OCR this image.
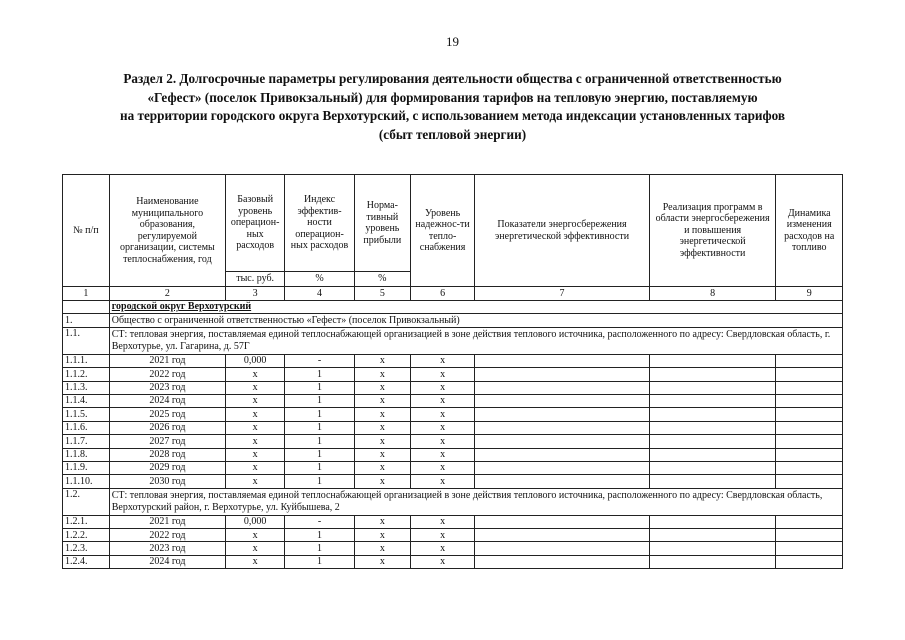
19
Раздел 2. Долгосрочные параметры регулирования деятельности общества с ограниченной ответственностью
«Гефест» (поселок Привокзальный) для формирования тарифов на тепловую энергию, поставляемую
на территории городского округа Верхотурский, с использованием метода индексации установленных тарифов
(сбыт тепловой энергии)
№ п/п	Наименование муниципального образования, регулируемой организации, системы теплоснабжения, год	Базовый уровень операцион-ных расходов	Индекс эффектив-ности операцион-ных расходов	Норма-тивный уровень прибыли	Уровень надежнос-ти тепло-снабжения	Показатели энергосбережения энергетической эффективности	Реализация программ в области энергосбережения и повышения энергетической эффективности	Динамика изменения расходов на топливо
		тыс. руб.	%	%				
1	2	3	4	5	6	7	8	9
	городской округ Верхотурский							
1.	Общество с ограниченной ответственностью «Гефест» (поселок Привокзальный)							
1.1.	СТ: тепловая энергия, поставляемая единой теплоснабжающей организацией в зоне действия теплового источника, расположенного по адресу: Свердловская область, г. Верхотурье, ул. Гагарина, д. 57Г							
1.1.1.	2021 год	0,000	-	x	x			
1.1.2.	2022 год	x	1	x	x			
1.1.3.	2023 год	x	1	x	x			
1.1.4.	2024 год	x	1	x	x			
1.1.5.	2025 год	x	1	x	x			
1.1.6.	2026 год	x	1	x	x			
1.1.7.	2027 год	x	1	x	x			
1.1.8.	2028 год	x	1	x	x			
1.1.9.	2029 год	x	1	x	x			
1.1.10.	2030 год	x	1	x	x			
1.2.	СТ: тепловая энергия, поставляемая единой теплоснабжающей организацией в зоне действия теплового источника, расположенного по адресу: Свердловская область, Верхотурский район, г. Верхотурье, ул. Куйбышева, 2							
1.2.1.	2021 год	0,000	-	x	x			
1.2.2.	2022 год	x	1	x	x			
1.2.3.	2023 год	x	1	x	x			
1.2.4.	2024 год	x	1	x	x			
